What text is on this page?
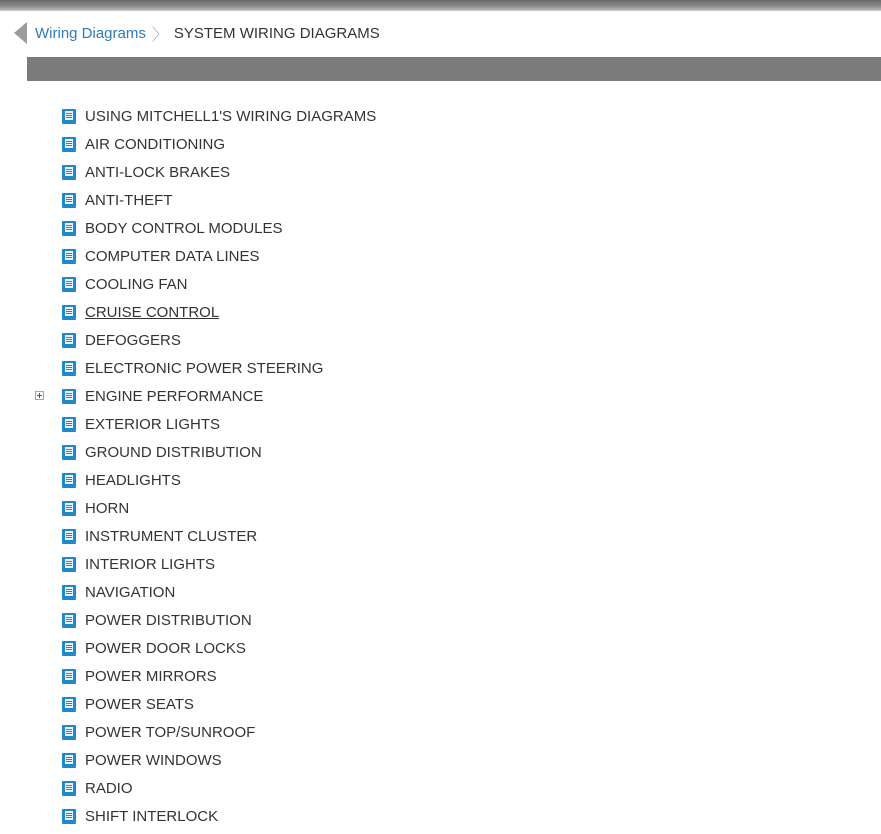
Wiring Diagrams 〉 SYSTEM WIRING DIAGRAMS
USING MITCHELL1'S WIRING DIAGRAMS
AIR CONDITIONING
ANTI-LOCK BRAKES
ANTI-THEFT
BODY CONTROL MODULES
COMPUTER DATA LINES
COOLING FAN
CRUISE CONTROL
DEFOGGERS
ELECTRONIC POWER STEERING
ENGINE PERFORMANCE
EXTERIOR LIGHTS
GROUND DISTRIBUTION
HEADLIGHTS
HORN
INSTRUMENT CLUSTER
INTERIOR LIGHTS
NAVIGATION
POWER DISTRIBUTION
POWER DOOR LOCKS
POWER MIRRORS
POWER SEATS
POWER TOP/SUNROOF
POWER WINDOWS
RADIO
SHIFT INTERLOCK
